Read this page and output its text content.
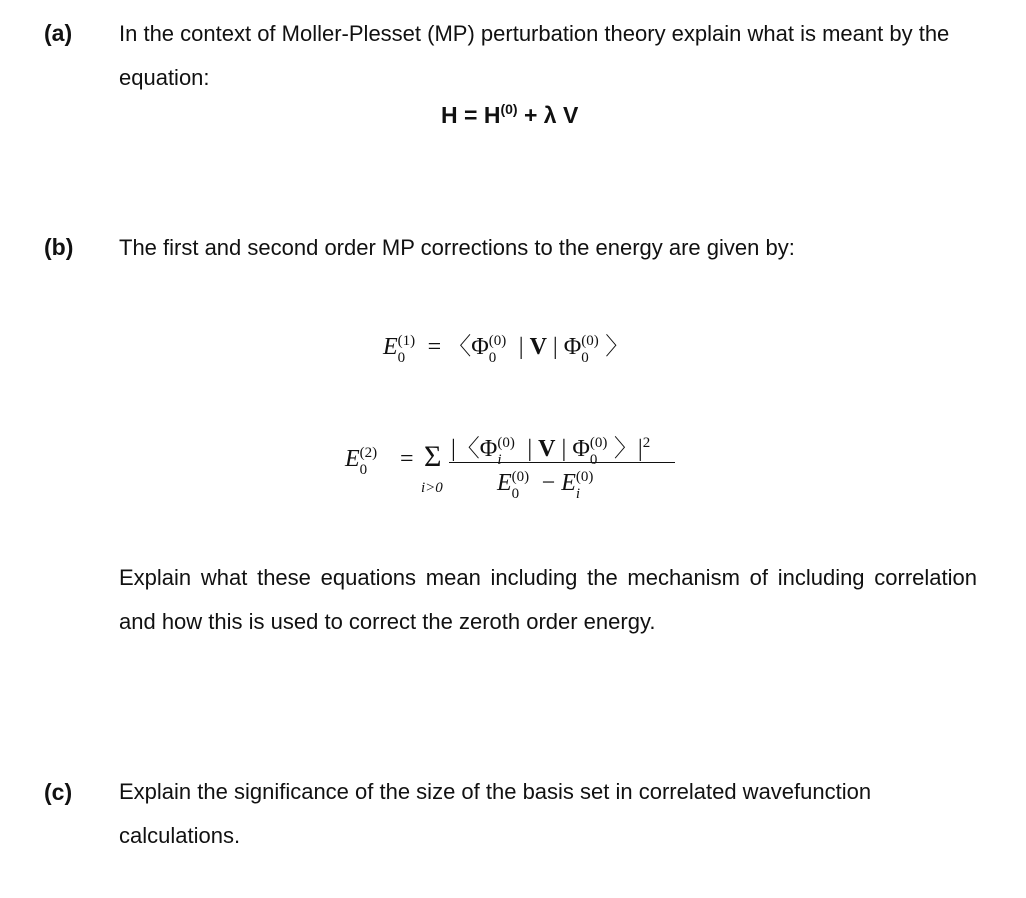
(a) In the context of Moller-Plesset (MP) perturbation theory explain what is meant by the equation:
$H = H^{(0)} + \lambda$ V
(b) The first and second order MP corrections to the energy are given by:
E (1)
0 = 〈Φ (0)
0 | V | Φ (0)
0 〉
E (2)
0 = Σ
i>0
|〈Φ (0)
i | V | Φ (0)
0 〉| 2
E (0)
0 − E (0)
i
Explain what these equations mean including the mechanism of including correlation and how this is used to correct the zeroth order energy.
(c) Explain the significance of the size of the basis set in correlated wavefunction calculations.
